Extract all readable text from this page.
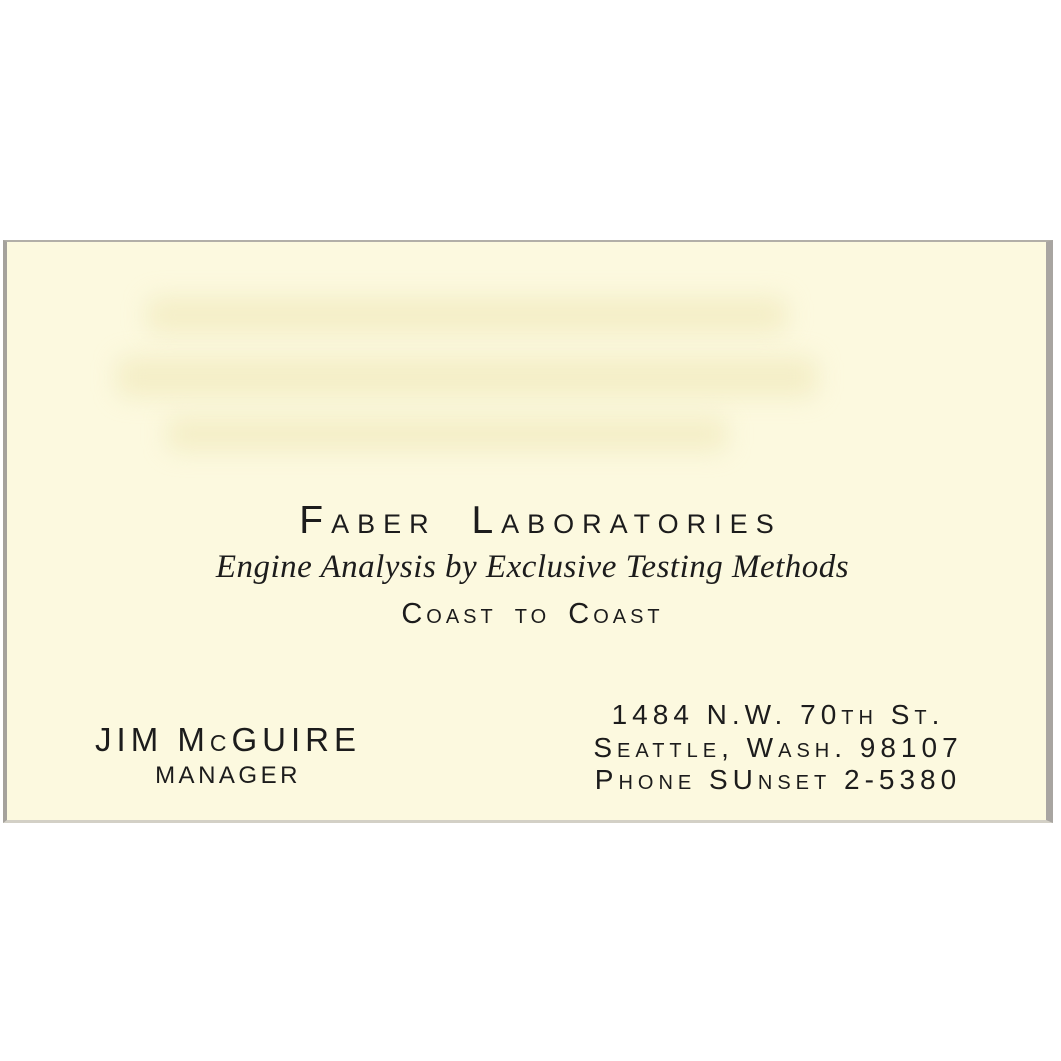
Faber Laboratories
Engine Analysis by Exclusive Testing Methods
Coast to Coast
JIM McGUIRE
MANAGER
1484 N.W. 70th St.
Seattle, Wash. 98107
Phone SUnset 2-5380
